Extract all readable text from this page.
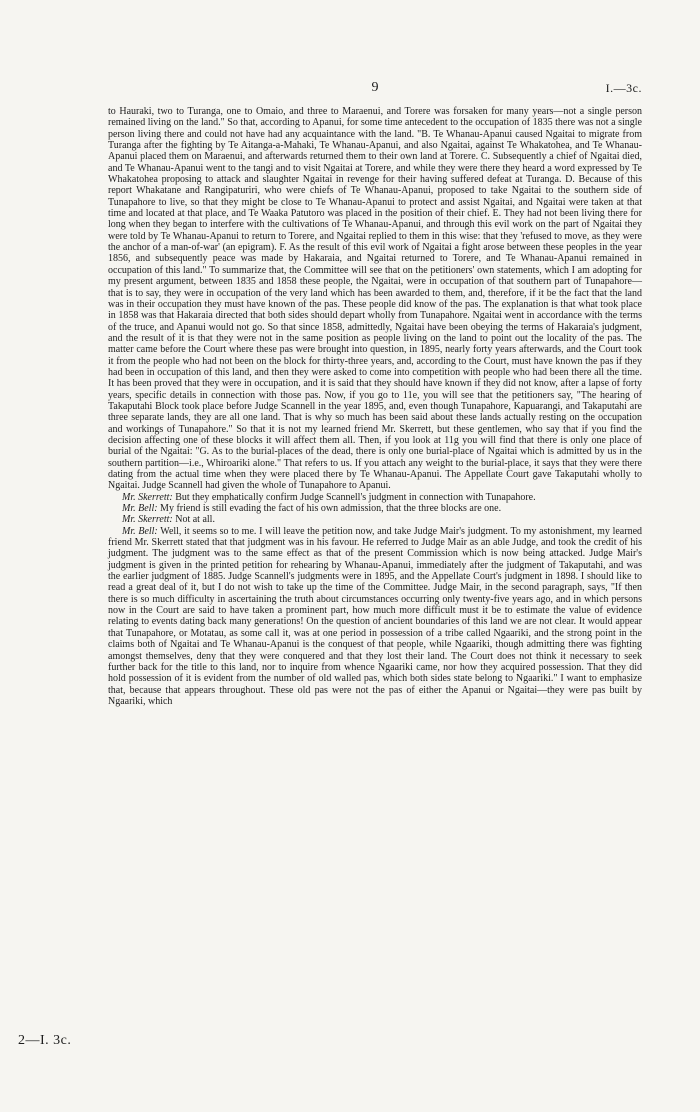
9	I.—3c.

to Hauraki, two to Turanga, one to Omaio, and three to Maraenui, and Torere was forsaken for many years—not a single person remained living on the land." So that, according to Apanui, for some time antecedent to the occupation of 1835 there was not a single person living there and could not have had any acquaintance with the land. "B. Te Whanau-Apanui caused Ngaitai to migrate from Turanga after the fighting by Te Aitanga-a-Mahaki, Te Whanau-Apanui, and also Ngaitai, against Te Whakatohea, and Te Whanau-Apanui placed them on Maraenui, and afterwards returned them to their own land at Torere. C. Subsequently a chief of Ngaitai died, and Te Whanau-Apanui went to the tangi and to visit Ngaitai at Torere, and while they were there they heard a word expressed by Te Whakatohea proposing to attack and slaughter Ngaitai in revenge for their having suffered defeat at Turanga. D. Because of this report Whakatane and Rangipaturiri, who were chiefs of Te Whanau-Apanui, proposed to take Ngaitai to the southern side of Tunapahore to live, so that they might be close to Te Whanau-Apanui to protect and assist Ngaitai, and Ngaitai were taken at that time and located at that place, and Te Waaka Patutoro was placed in the position of their chief. E. They had not been living there for long when they began to interfere with the cultivations of Te Whanau-Apanui, and through this evil work on the part of Ngaitai they were told by Te Whanau-Apanui to return to Torere, and Ngaitai replied to them in this wise: that they 'refused to move, as they were the anchor of a man-of-war' (an epigram). F. As the result of this evil work of Ngaitai a fight arose between these peoples in the year 1856, and subsequently peace was made by Hakaraia, and Ngaitai returned to Torere, and Te Whanau-Apanui remained in occupation of this land." To summarize that, the Committee will see that on the petitioners' own statements, which I am adopting for my present argument, between 1835 and 1858 these people, the Ngaitai, were in occupation of that southern part of Tunapahore—that is to say, they were in occupation of the very land which has been awarded to them, and, therefore, if it be the fact that the land was in their occupation they must have known of the pas. These people did know of the pas. The explanation is that what took place in 1858 was that Hakaraia directed that both sides should depart wholly from Tunapahore. Ngaitai went in accordance with the terms of the truce, and Apanui would not go. So that since 1858, admittedly, Ngaitai have been obeying the terms of Hakaraia's judgment, and the result of it is that they were not in the same position as people living on the land to point out the locality of the pas. The matter came before the Court where these pas were brought into question, in 1895, nearly forty years afterwards, and the Court took it from the people who had not been on the block for thirty-three years, and, according to the Court, must have known the pas if they had been in occupation of this land, and then they were asked to come into competition with people who had been there all the time. It has been proved that they were in occupation, and it is said that they should have known if they did not know, after a lapse of forty years, specific details in connection with those pas. Now, if you go to 11e, you will see that the petitioners say, "The hearing of Takaputahi Block took place before Judge Scannell in the year 1895, and, even though Tunapahore, Kapuarangi, and Takaputahi are three separate lands, they are all one land. That is why so much has been said about these lands actually resting on the occupation and workings of Tunapahore." So that it is not my learned friend Mr. Skerrett, but these gentlemen, who say that if you find the decision affecting one of these blocks it will affect them all. Then, if you look at 11g you will find that there is only one place of burial of the Ngaitai: "G. As to the burial-places of the dead, there is only one burial-place of Ngaitai which is admitted by us in the southern partition—i.e., Whiroariki alone." That refers to us. If you attach any weight to the burial-place, it says that they were there dating from the actual time when they were placed there by Te Whanau-Apanui. The Appellate Court gave Takaputahi wholly to Ngaitai. Judge Scannell had given the whole of Tunapahore to Apanui.

Mr. Skerrett: But they emphatically confirm Judge Scannell's judgment in connection with Tunapahore.

Mr. Bell: My friend is still evading the fact of his own admission, that the three blocks are one.

Mr. Skerrett: Not at all.

Mr. Bell: Well, it seems so to me. I will leave the petition now, and take Judge Mair's judgment. To my astonishment, my learned friend Mr. Skerrett stated that that judgment was in his favour. He referred to Judge Mair as an able Judge, and took the credit of his judgment. The judgment was to the same effect as that of the present Commission which is now being attacked. Judge Mair's judgment is given in the printed petition for rehearing by Whanau-Apanui, immediately after the judgment of Takaputahi, and was the earlier judgment of 1885. Judge Scannell's judgments were in 1895, and the Appellate Court's judgment in 1898. I should like to read a great deal of it, but I do not wish to take up the time of the Committee. Judge Mair, in the second paragraph, says, "If then there is so much difficulty in ascertaining the truth about circumstances occurring only twenty-five years ago, and in which persons now in the Court are said to have taken a prominent part, how much more difficult must it be to estimate the value of evidence relating to events dating back many generations! On the question of ancient boundaries of this land we are not clear. It would appear that Tunapahore, or Motatau, as some call it, was at one period in possession of a tribe called Ngaariki, and the strong point in the claims both of Ngaitai and Te Whanau-Apanui is the conquest of that people, while Ngaariki, though admitting there was fighting amongst themselves, deny that they were conquered and that they lost their land. The Court does not think it necessary to seek further back for the title to this land, nor to inquire from whence Ngaariki came, nor how they acquired possession. That they did hold possession of it is evident from the number of old walled pas, which both sides state belong to Ngaariki." I want to emphasize that, because that appears throughout. These old pas were not the pas of either the Apanui or Ngaitai—they were pas built by Ngaariki, which

2—I. 3c.
